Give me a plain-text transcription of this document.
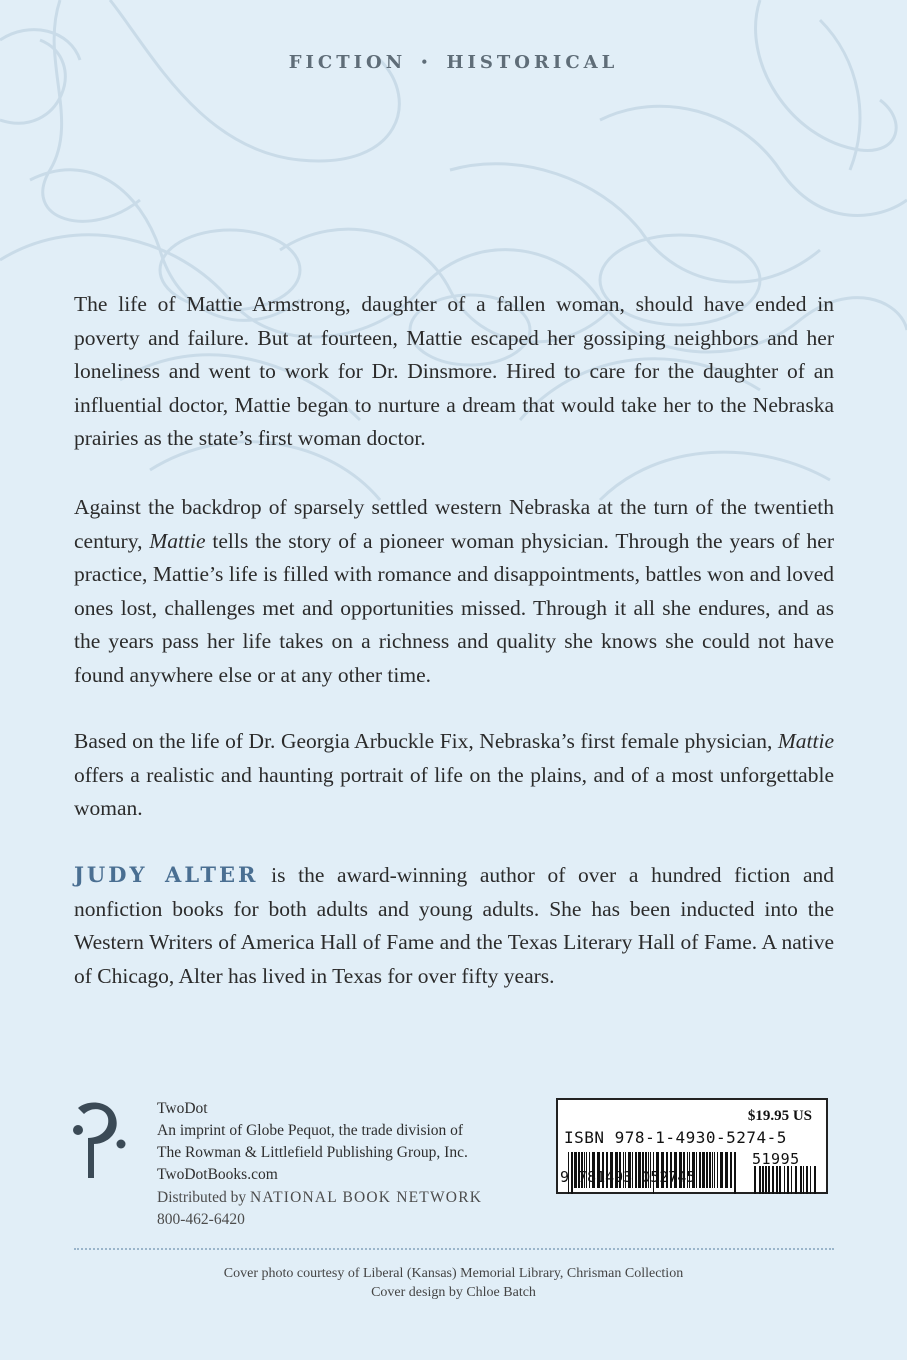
FICTION • HISTORICAL

The life of Mattie Armstrong, daughter of a fallen woman, should have ended in poverty and failure. But at fourteen, Mattie escaped her gossiping neighbors and her loneliness and went to work for Dr. Dinsmore. Hired to care for the daughter of an influential doctor, Mattie began to nurture a dream that would take her to the Nebraska prairies as the state’s first woman doctor.

Against the backdrop of sparsely settled western Nebraska at the turn of the twentieth century, Mattie tells the story of a pioneer woman physician. Through the years of her practice, Mattie’s life is filled with romance and disappointments, battles won and loved ones lost, challenges met and opportunities missed. Through it all she endures, and as the years pass her life takes on a richness and quality she knows she could not have found anywhere else or at any other time.

Based on the life of Dr. Georgia Arbuckle Fix, Nebraska’s first female physician, Mattie offers a realistic and haunting portrait of life on the plains, and of a most unforgettable woman.

JUDY ALTER is the award-winning author of over a hundred fiction and nonfiction books for both adults and young adults. She has been inducted into the Western Writers of America Hall of Fame and the Texas Literary Hall of Fame. A native of Chicago, Alter has lived in Texas for over fifty years.

TwoDot
An imprint of Globe Pequot, the trade division of
The Rowman & Littlefield Publishing Group, Inc.
TwoDotBooks.com
Distributed by NATIONAL BOOK NETWORK
800-462-6420
$19.95 US
ISBN 978-1-4930-5274-5
9 781493 052745
51995
Cover photo courtesy of Liberal (Kansas) Memorial Library, Chrisman Collection
Cover design by Chloe Batch
